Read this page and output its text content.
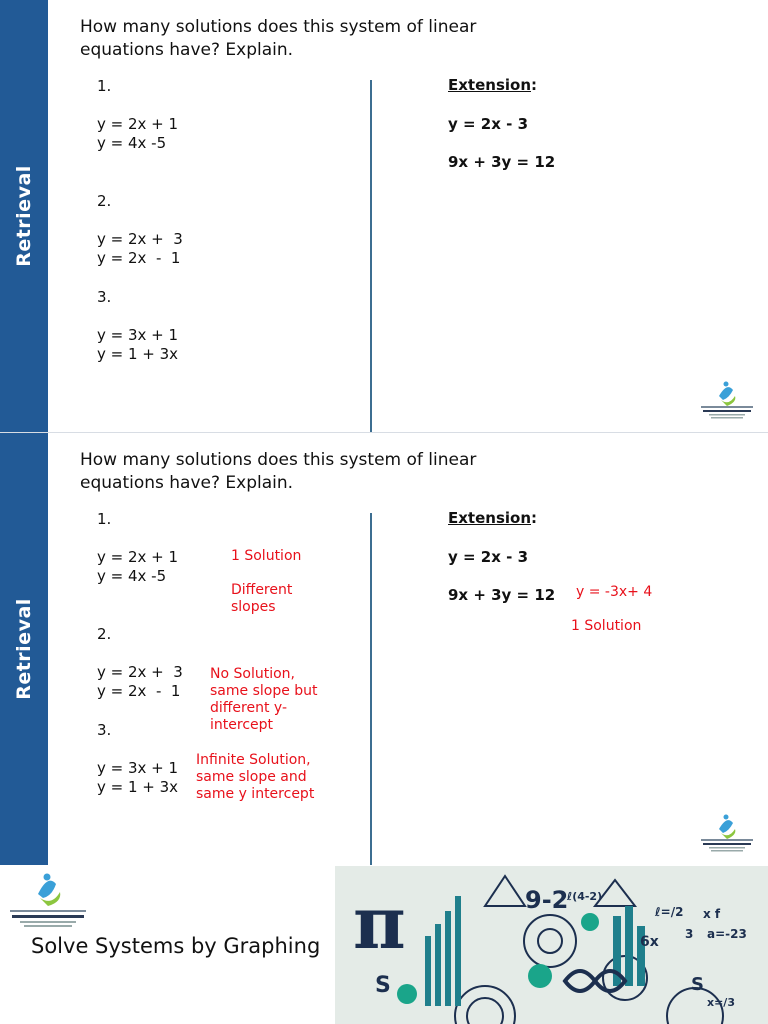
Retrieval
How many solutions does this system of linear equations have? Explain.
1.
y = 2x + 1
y = 4x -5
2.
y = 2x +  3
y = 2x  -  1
3.
y = 3x + 1
y = 1 + 3x
Extension:
y = 2x - 3
9x + 3y = 12
Retrieval
How many solutions does this system of linear equations have? Explain.
1.
y = 2x + 1
y = 4x -5
1 Solution
Different slopes
2.
y = 2x +  3
y = 2x  -  1
No Solution, same slope but different y-intercept
3.
y = 3x + 1
y = 1 + 3x
Infinite Solution, same slope and same y intercept
Extension:
y = 2x - 3
9x + 3y = 12 y = -3x+ 4
1 Solution
Solve Systems by Graphing π	9-2
S
6x 3 a=-23
S
ℓ=/2 x f
ℓ(4-2)
x=/3
